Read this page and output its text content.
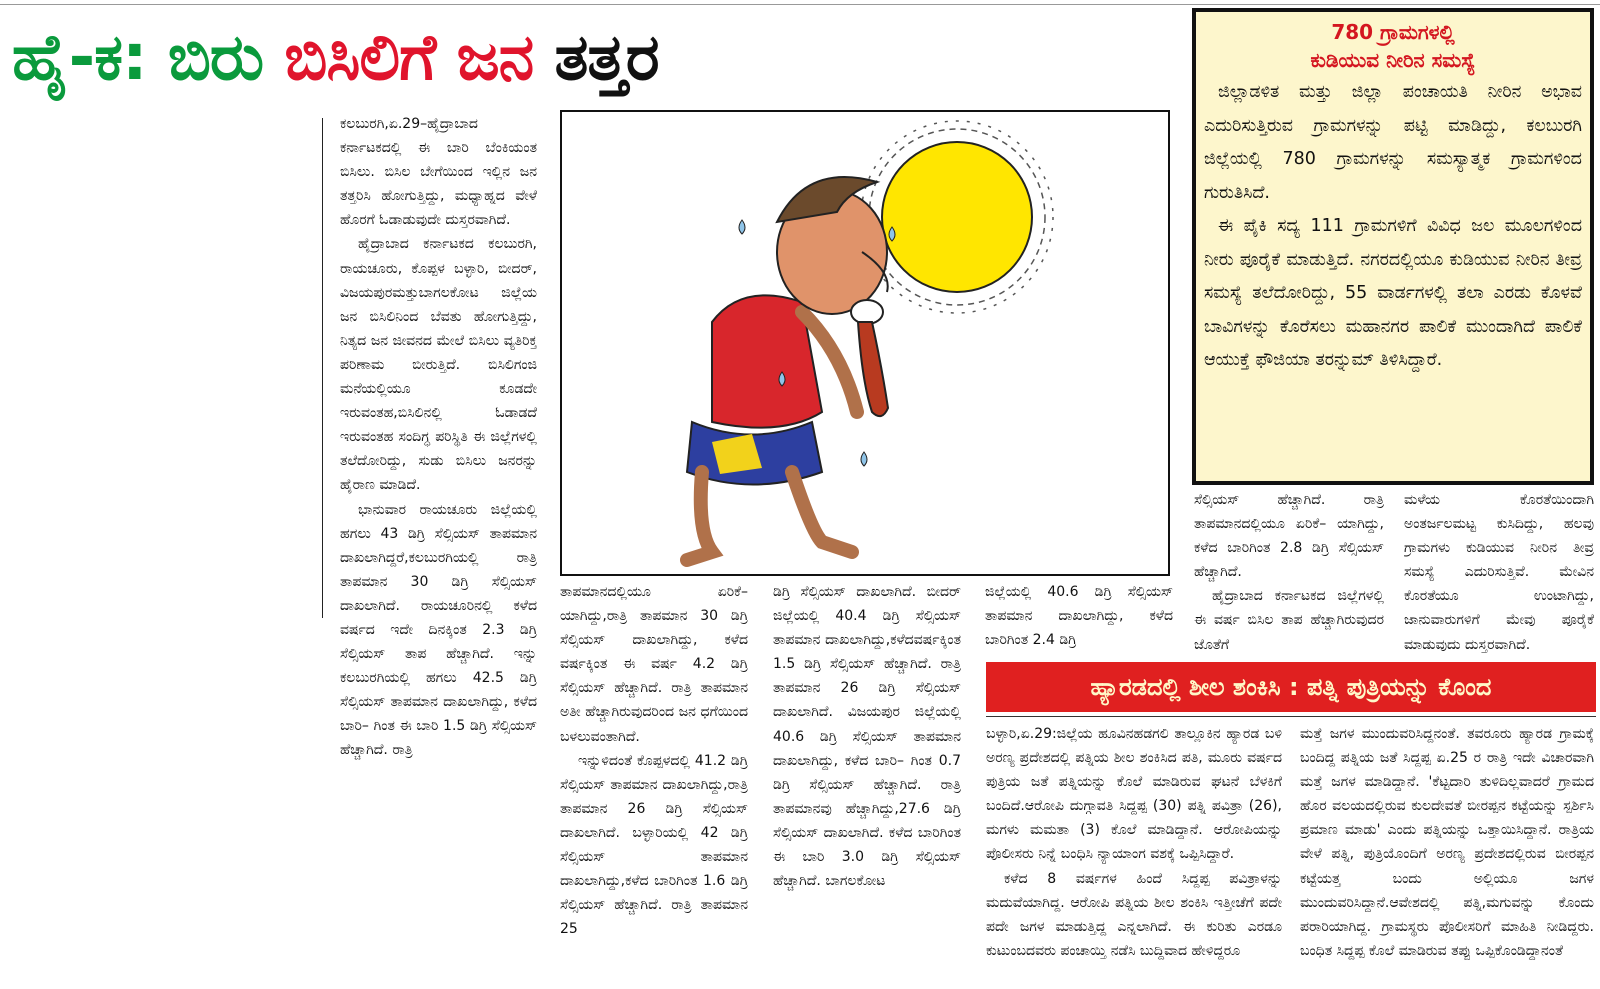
ಹೈ-ಕ: ಬಿರು ಬಿಸಿಲಿಗೆ ಜನ ತತ್ತರ

ಕಲಬುರಗಿ,ಏ.29–ಹೈದ್ರಾಬಾದ ಕರ್ನಾಟಕದಲ್ಲಿ ಈ ಬಾರಿ ಬೆಂಕಿಯಂತ ಬಿಸಿಲು. ಬಿಸಿಲ ಬೇಗೆಯಿಂದ ಇಲ್ಲಿನ ಜನ ತತ್ತರಿಸಿ ಹೋಗುತ್ತಿದ್ದು, ಮಧ್ಯಾಹ್ನದ ವೇಳೆ ಹೊರಗೆ ಓಡಾಡುವುದೇ ದುಸ್ತರವಾಗಿದೆ.

ಹೈದ್ರಾಬಾದ ಕರ್ನಾಟಕದ ಕಲಬುರಗಿ, ರಾಯಚೂರು, ಕೊಪ್ಪಳ ಬಳ್ಳಾರಿ, ಬೀದರ್, ವಿಜಯಪುರಮತ್ತುಬಾಗಲಕೋಟ ಜಿಲ್ಲೆಯ ಜನ ಬಿಸಿಲಿನಿಂದ ಬೆವತು ಹೋಗುತ್ತಿದ್ದು, ನಿತ್ಯದ ಜನ ಜೀವನದ ಮೇಲೆ ಬಿಸಿಲು ವ್ಯತಿರಿಕ್ತ ಪರಿಣಾಮ ಬೀರುತ್ತಿದೆ. ಬಿಸಿಲಿಗಂಜಿ ಮನೆಯಲ್ಲಿಯೂ ಕೂಡದೇ ಇರುವಂತಹ,ಬಿಸಿಲಿನಲ್ಲಿ ಓಡಾಡದೆ ಇರುವಂತಹ ಸಂದಿಗ್ಧ ಪರಿಸ್ಥಿತಿ ಈ ಜಿಲ್ಲೆಗಳಲ್ಲಿ ತಲೆದೋರಿದ್ದು, ಸುಡು ಬಿಸಿಲು ಜನರನ್ನು ಹೈರಾಣ ಮಾಡಿದೆ.

ಭಾನುವಾರ ರಾಯಚೂರು ಜಿಲ್ಲೆಯಲ್ಲಿ ಹಗಲು 43 ಡಿಗ್ರಿ ಸೆಲ್ಸಿಯಸ್ ತಾಪಮಾನ ದಾಖಲಾಗಿದ್ದರೆ,ಕಲಬುರಗಿಯಲ್ಲಿ ರಾತ್ರಿ ತಾಪಮಾನ 30 ಡಿಗ್ರಿ ಸೆಲ್ಸಿಯಸ್ ದಾಖಲಾಗಿದೆ. ರಾಯಚೂರಿನಲ್ಲಿ ಕಳೆದ ವರ್ಷದ ಇದೇ ದಿನಕ್ಕಿಂತ 2.3 ಡಿಗ್ರಿ ಸೆಲ್ಸಿಯಸ್ ತಾಪ ಹೆಚ್ಚಾಗಿದೆ. ಇನ್ನು ಕಲಬುರಗಿಯಲ್ಲಿ ಹಗಲು 42.5 ಡಿಗ್ರಿ ಸೆಲ್ಸಿಯಸ್ ತಾಪಮಾನ ದಾಖಲಾಗಿದ್ದು, ಕಳೆದ ಬಾರಿ– ಗಿಂತ ಈ ಬಾರಿ 1.5 ಡಿಗ್ರಿ ಸೆಲ್ಸಿಯಸ್ ಹೆಚ್ಚಾಗಿದೆ. ರಾತ್ರಿ

ತಾಪಮಾನದಲ್ಲಿಯೂ ಏರಿಕೆ– ಯಾಗಿದ್ದು,ರಾತ್ರಿ ತಾಪಮಾನ 30 ಡಿಗ್ರಿ ಸೆಲ್ಸಿಯಸ್ ದಾಖಲಾಗಿದ್ದು, ಕಳೆದ ವರ್ಷಕ್ಕಿಂತ ಈ ವರ್ಷ 4.2 ಡಿಗ್ರಿ ಸೆಲ್ಸಿಯಸ್ ಹೆಚ್ಚಾಗಿದೆ. ರಾತ್ರಿ ತಾಪಮಾನ ಅತೀ ಹೆಚ್ಚಾಗಿರುವುದರಿಂದ ಜನ ಧಗೆಯಿಂದ ಬಳಲುವಂತಾಗಿದೆ.

ಇನ್ನುಳಿದಂತೆ ಕೊಪ್ಪಳದಲ್ಲಿ 41.2 ಡಿಗ್ರಿ ಸೆಲ್ಸಿಯಸ್ ತಾಪಮಾನ ದಾಖಲಾಗಿದ್ದು,ರಾತ್ರಿ ತಾಪಮಾನ 26 ಡಿಗ್ರಿ ಸೆಲ್ಸಿಯಸ್ ದಾಖಲಾಗಿದೆ. ಬಳ್ಳಾರಿಯಲ್ಲಿ 42 ಡಿಗ್ರಿ ಸೆಲ್ಸಿಯಸ್ ತಾಪಮಾನ ದಾಖಲಾಗಿದ್ದು,ಕಳೆದ ಬಾರಿಗಿಂತ 1.6 ಡಿಗ್ರಿ ಸೆಲ್ಸಿಯಸ್ ಹೆಚ್ಚಾಗಿದೆ. ರಾತ್ರಿ ತಾಪಮಾನ 25

ಡಿಗ್ರಿ ಸೆಲ್ಸಿಯಸ್ ದಾಖಲಾಗಿದೆ. ಬೀದರ್ ಜಿಲ್ಲೆಯಲ್ಲಿ 40.4 ಡಿಗ್ರಿ ಸೆಲ್ಸಿಯಸ್ ತಾಪಮಾನ ದಾಖಲಾಗಿದ್ದು,ಕಳೆದವರ್ಷಕ್ಕಿಂತ 1.5 ಡಿಗ್ರಿ ಸೆಲ್ಸಿಯಸ್ ಹೆಚ್ಚಾಗಿದೆ. ರಾತ್ರಿ ತಾಪಮಾನ 26 ಡಿಗ್ರಿ ಸೆಲ್ಸಿಯಸ್ ದಾಖಲಾಗಿದೆ. ವಿಜಯಪುರ ಜಿಲ್ಲೆಯಲ್ಲಿ 40.6 ಡಿಗ್ರಿ ಸೆಲ್ಸಿಯಸ್ ತಾಪಮಾನ ದಾಖಲಾಗಿದ್ದು, ಕಳೆದ ಬಾರಿ– ಗಿಂತ 0.7 ಡಿಗ್ರಿ ಸೆಲ್ಸಿಯಸ್ ಹೆಚ್ಚಾಗಿದೆ. ರಾತ್ರಿ ತಾಪಮಾನವು ಹೆಚ್ಚಾಗಿದ್ದು,27.6 ಡಿಗ್ರಿ ಸೆಲ್ಸಿಯಸ್ ದಾಖಲಾಗಿದೆ. ಕಳೆದ ಬಾರಿಗಿಂತ ಈ ಬಾರಿ 3.0 ಡಿಗ್ರಿ ಸೆಲ್ಸಿಯಸ್ ಹೆಚ್ಚಾಗಿದೆ. ಬಾಗಲಕೋಟ

ಜಿಲ್ಲೆಯಲ್ಲಿ 40.6 ಡಿಗ್ರಿ ಸೆಲ್ಸಿಯಸ್ ತಾಪಮಾನ ದಾಖಲಾಗಿದ್ದು, ಕಳೆದ ಬಾರಿಗಿಂತ 2.4 ಡಿಗ್ರಿ

ಸೆಲ್ಸಿಯಸ್ ಹೆಚ್ಚಾಗಿದೆ. ರಾತ್ರಿ ತಾಪಮಾನದಲ್ಲಿಯೂ ಏರಿಕೆ– ಯಾಗಿದ್ದು, ಕಳೆದ ಬಾರಿಗಿಂತ 2.8 ಡಿಗ್ರಿ ಸೆಲ್ಸಿಯಸ್ ಹೆಚ್ಚಾಗಿದೆ.

ಹೈದ್ರಾಬಾದ ಕರ್ನಾಟಕದ ಜಿಲ್ಲೆಗಳಲ್ಲಿ ಈ ವರ್ಷ ಬಿಸಿಲ ತಾಪ ಹೆಚ್ಚಾಗಿರುವುದರ ಜೊತೆಗೆ

ಮಳೆಯ ಕೊರತೆಯಿಂದಾಗಿ ಅಂತರ್ಜಲಮಟ್ಟ ಕುಸಿದಿದ್ದು, ಹಲವು ಗ್ರಾಮಗಳು ಕುಡಿಯುವ ನೀರಿನ ತೀವ್ರ ಸಮಸ್ಯೆ ಎದುರಿಸುತ್ತಿವೆ. ಮೇವಿನ ಕೊರತೆಯೂ ಉಂಟಾಗಿದ್ದು, ಜಾನುವಾರುಗಳಿಗೆ ಮೇವು ಪೂರೈಕೆ ಮಾಡುವುದು ದುಸ್ತರವಾಗಿದೆ.

780 ಗ್ರಾಮಗಳಲ್ಲಿ
ಕುಡಿಯುವ ನೀರಿನ ಸಮಸ್ಯೆ

ಜಿಲ್ಲಾಡಳಿತ ಮತ್ತು ಜಿಲ್ಲಾ ಪಂಚಾಯತಿ ನೀರಿನ ಅಭಾವ ಎದುರಿಸುತ್ತಿರುವ ಗ್ರಾಮಗಳನ್ನು ಪಟ್ಟಿ ಮಾಡಿದ್ದು, ಕಲಬುರಗಿ ಜಿಲ್ಲೆಯಲ್ಲಿ 780 ಗ್ರಾಮಗಳನ್ನು ಸಮಸ್ಯಾತ್ಮಕ ಗ್ರಾಮಗಳಿಂದ ಗುರುತಿಸಿದೆ.

ಈ ಪೈಕಿ ಸದ್ಯ 111 ಗ್ರಾಮಗಳಿಗೆ ವಿವಿಧ ಜಲ ಮೂಲಗಳಿಂದ ನೀರು ಪೂರೈಕೆ ಮಾಡುತ್ತಿದೆ. ನಗರದಲ್ಲಿಯೂ ಕುಡಿಯುವ ನೀರಿನ ತೀವ್ರ ಸಮಸ್ಯೆ ತಲೆದೋರಿದ್ದು, 55 ವಾರ್ಡಗಳಲ್ಲಿ ತಲಾ ಎರಡು ಕೊಳವೆ ಬಾವಿಗಳನ್ನು ಕೊರೆಸಲು ಮಹಾನಗರ ಪಾಲಿಕೆ ಮುಂದಾಗಿದೆ ಪಾಲಿಕೆ ಆಯುಕ್ತೆ ಫೌಜಿಯಾ ತರನ್ನುಮ್ ತಿಳಿಸಿದ್ದಾರೆ.

ಹ್ಯಾರಡದಲ್ಲಿ ಶೀಲ ಶಂಕಿಸಿ : ಪತ್ನಿ ಪುತ್ರಿಯನ್ನು ಕೊಂದ

ಬಳ್ಳಾರಿ,ಏ.29:ಜಿಲ್ಲೆಯ ಹೂವಿನಹಡಗಲಿ ತಾಲ್ಲೂಕಿನ ಹ್ಯಾರಡ ಬಳಿ ಅರಣ್ಯ ಪ್ರದೇಶದಲ್ಲಿ ಪತ್ನಿಯ ಶೀಲ ಶಂಕಿಸಿದ ಪತಿ, ಮೂರು ವರ್ಷದ ಪುತ್ರಿಯ ಜತೆ ಪತ್ನಿಯನ್ನು ಕೊಲೆ ಮಾಡಿರುವ ಘಟನೆ ಬೆಳಕಿಗೆ ಬಂದಿದೆ.ಆರೋಪಿ ದುಗ್ಗಾವತಿ ಸಿದ್ದಪ್ಪ (30) ಪತ್ನಿ ಪವಿತ್ರಾ (26), ಮಗಳು ಮಮತಾ (3) ಕೊಲೆ ಮಾಡಿದ್ದಾನೆ. ಆರೋಪಿಯನ್ನು ಪೊಲೀಸರು ನಿನ್ನೆ ಬಂಧಿಸಿ ನ್ಯಾಯಾಂಗ ವಶಕ್ಕೆ ಒಪ್ಪಿಸಿದ್ದಾರೆ.

ಕಳೆದ 8 ವರ್ಷಗಳ ಹಿಂದೆ ಸಿದ್ದಪ್ಪ ಪವಿತ್ರಾಳನ್ನು ಮದುವೆಯಾಗಿದ್ದ. ಆರೋಪಿ ಪತ್ನಿಯ ಶೀಲ ಶಂಕಿಸಿ ಇತ್ತೀಚೆಗೆ ಪದೇ ಪದೇ ಜಗಳ ಮಾಡುತ್ತಿದ್ದ ಎನ್ನಲಾಗಿದೆ. ಈ ಕುರಿತು ಎರಡೂ ಕುಟುಂಬದವರು ಪಂಚಾಯ್ತಿ ನಡೆಸಿ ಬುದ್ದಿವಾದ ಹೇಳಿದ್ದರೂ

ಮತ್ತೆ ಜಗಳ ಮುಂದುವರಿಸಿದ್ದನಂತೆ. ತವರೂರು ಹ್ಯಾರಡ ಗ್ರಾಮಕ್ಕೆ ಬಂದಿದ್ದ ಪತ್ನಿಯ ಜತೆ ಸಿದ್ದಪ್ಪ ಏ.25 ರ ರಾತ್ರಿ ಇದೇ ವಿಚಾರವಾಗಿ ಮತ್ತೆ ಜಗಳ ಮಾಡಿದ್ದಾನೆ. 'ಕೆಟ್ಟದಾರಿ ತುಳಿದಿಲ್ಲವಾದರೆ ಗ್ರಾಮದ ಹೊರ ವಲಯದಲ್ಲಿರುವ ಕುಲದೇವತೆ ಬೀರಪ್ಪನ ಕಟ್ಟೆಯನ್ನು ಸ್ಪರ್ಶಿಸಿ ಪ್ರಮಾಣ ಮಾಡು' ಎಂದು ಪತ್ನಿಯನ್ನು ಒತ್ತಾಯಿಸಿದ್ದಾನೆ. ರಾತ್ರಿಯ ವೇಳೆ ಪತ್ನಿ, ಪುತ್ರಿಯೊಂದಿಗೆ ಅರಣ್ಯ ಪ್ರದೇಶದಲ್ಲಿರುವ ಬೀರಪ್ಪನ ಕಟ್ಟೆಯತ್ತ ಬಂದು ಅಲ್ಲಿಯೂ ಜಗಳ ಮುಂದುವರಿಸಿದ್ದಾನೆ.ಆವೇಶದಲ್ಲಿ ಪತ್ನಿ,ಮಗುವನ್ನು ಕೊಂದು ಪರಾರಿಯಾಗಿದ್ದ. ಗ್ರಾಮಸ್ಥರು ಪೊಲೀಸರಿಗೆ ಮಾಹಿತಿ ನೀಡಿದ್ದರು. ಬಂಧಿತ ಸಿದ್ದಪ್ಪ ಕೊಲೆ ಮಾಡಿರುವ ತಪ್ಪು ಒಪ್ಪಿಕೊಂಡಿದ್ದಾನಂತೆ
